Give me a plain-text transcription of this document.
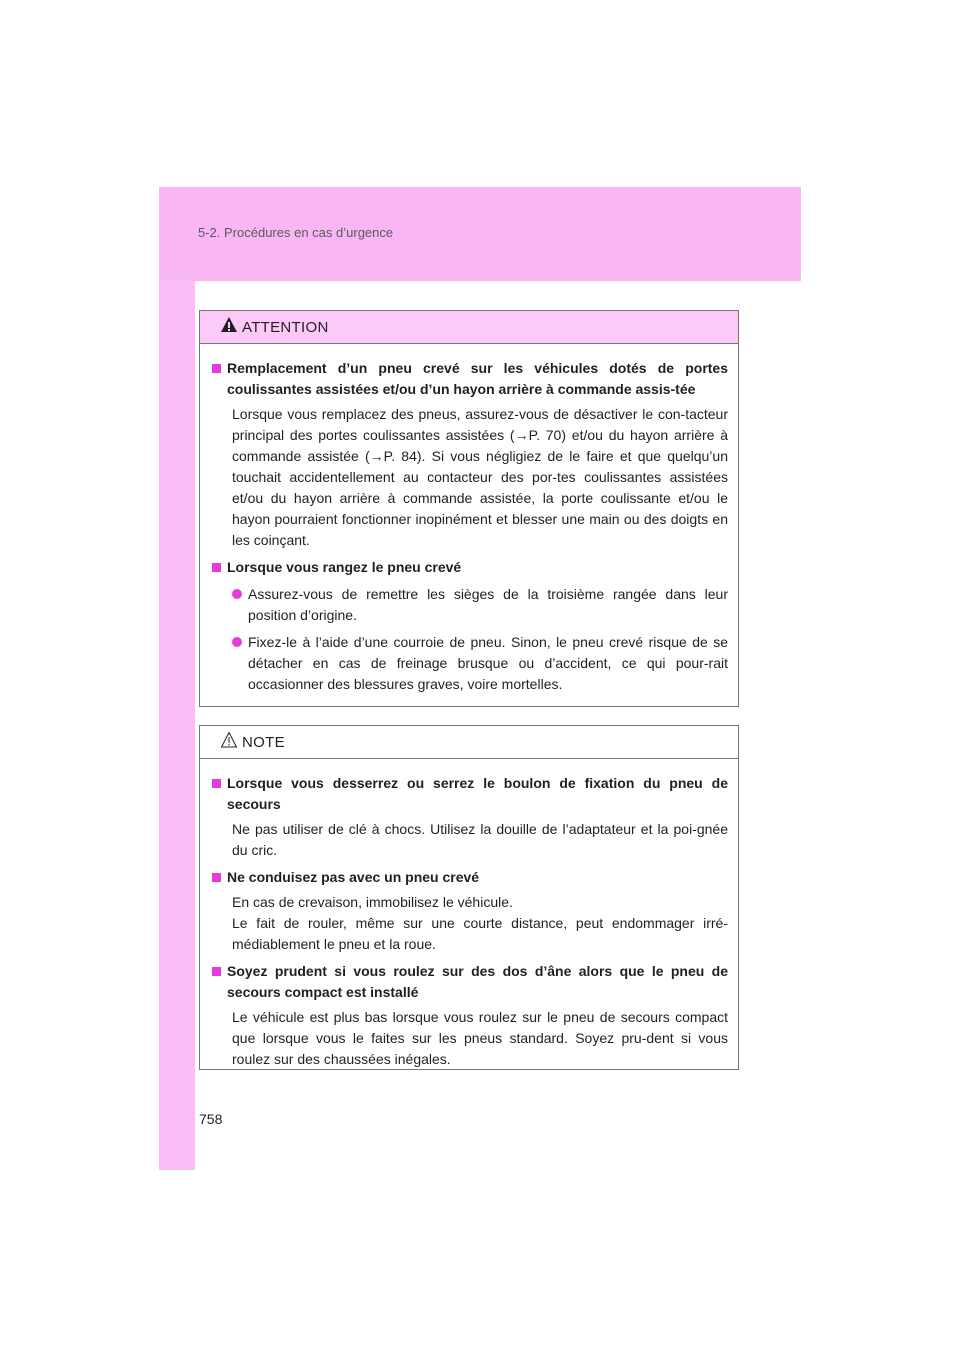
5-2. Procédures en cas d’urgence
ATTENTION
Remplacement d’un pneu crevé sur les véhicules dotés de portes coulissantes assistées et/ou d’un hayon arrière à commande assis-tée
Lorsque vous remplacez des pneus, assurez-vous de désactiver le con-tacteur principal des portes coulissantes assistées (→P. 70) et/ou du hayon arrière à commande assistée (→P. 84). Si vous négligiez de le faire et que quelqu’un touchait accidentellement au contacteur des por-tes coulissantes assistées et/ou du hayon arrière à commande assistée, la porte coulissante et/ou le hayon pourraient fonctionner inopinément et blesser une main ou des doigts en les coinçant.
Lorsque vous rangez le pneu crevé
Assurez-vous de remettre les sièges de la troisième rangée dans leur position d’origine.
Fixez-le à l’aide d’une courroie de pneu. Sinon, le pneu crevé risque de se détacher en cas de freinage brusque ou d’accident, ce qui pour-rait occasionner des blessures graves, voire mortelles.
NOTE
Lorsque vous desserrez ou serrez le boulon de fixation du pneu de secours
Ne pas utiliser de clé à chocs. Utilisez la douille de l’adaptateur et la poi-gnée du cric.
Ne conduisez pas avec un pneu crevé
En cas de crevaison, immobilisez le véhicule.
Le fait de rouler, même sur une courte distance, peut endommager irré-médiablement le pneu et la roue.
Soyez prudent si vous roulez sur des dos d’âne alors que le pneu de secours compact est installé
Le véhicule est plus bas lorsque vous roulez sur le pneu de secours compact que lorsque vous le faites sur les pneus standard. Soyez pru-dent si vous roulez sur des chaussées inégales.
758
